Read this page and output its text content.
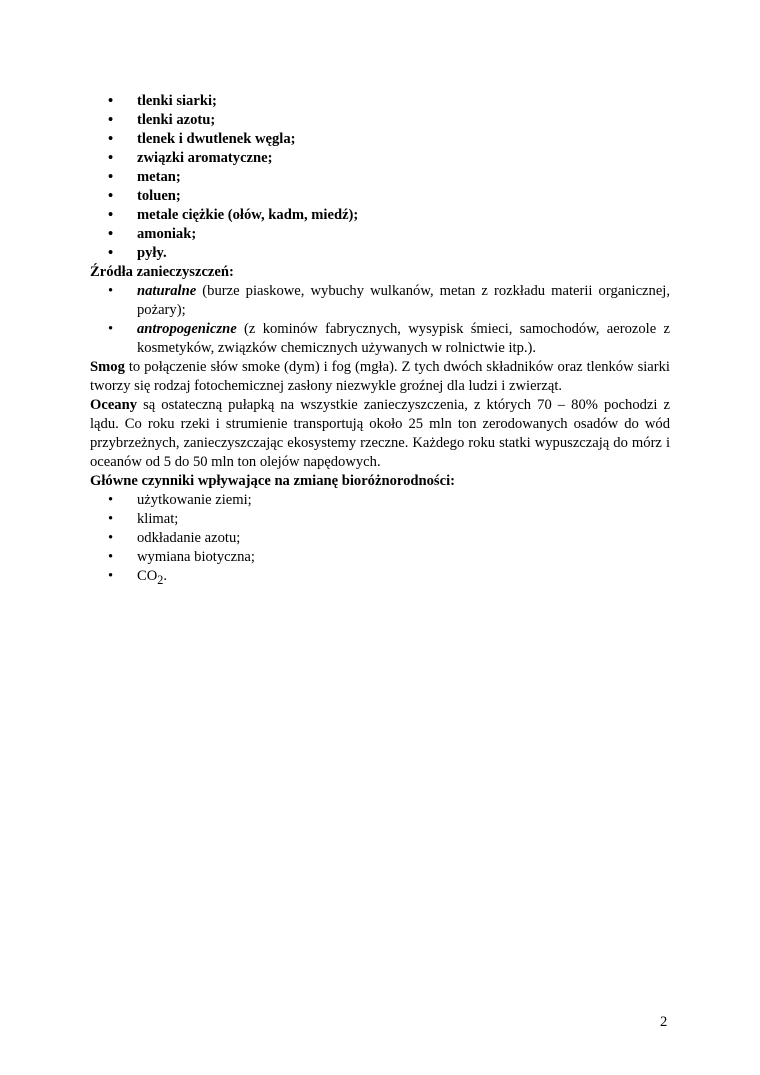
• tlenki siarki;
• tlenki azotu;
• tlenek i dwutlenek węgla;
• związki aromatyczne;
• metan;
• toluen;
• metale ciężkie (ołów, kadm, miedź);
• amoniak;
• pyły.
Źródła zanieczyszczeń:
• naturalne (burze piaskowe, wybuchy wulkanów, metan z rozkładu materii organicznej, pożary);
• antropogeniczne (z kominów fabrycznych, wysypisk śmieci, samochodów, aerozole z kosmetyków, związków chemicznych używanych w rolnictwie itp.).

Smog to połączenie słów smoke (dym) i fog (mgła). Z tych dwóch składników oraz tlenków siarki tworzy się rodzaj fotochemicznej zasłony niezwykle groźnej dla ludzi i zwierząt.

Oceany są ostateczną pułapką na wszystkie zanieczyszczenia, z których 70 – 80% pochodzi z lądu. Co roku rzeki i strumienie transportują około 25 mln ton zerodowanych osadów do wód przybrzeżnych, zanieczyszczając ekosystemy rzeczne. Każdego roku statki wypuszczają do mórz i oceanów od 5 do 50 mln ton olejów napędowych.

Główne czynniki wpływające na zmianę bioróżnorodności:
• użytkowanie ziemi;
• klimat;
• odkładanie azotu;
• wymiana biotyczna;
• $CO_2$.
2
